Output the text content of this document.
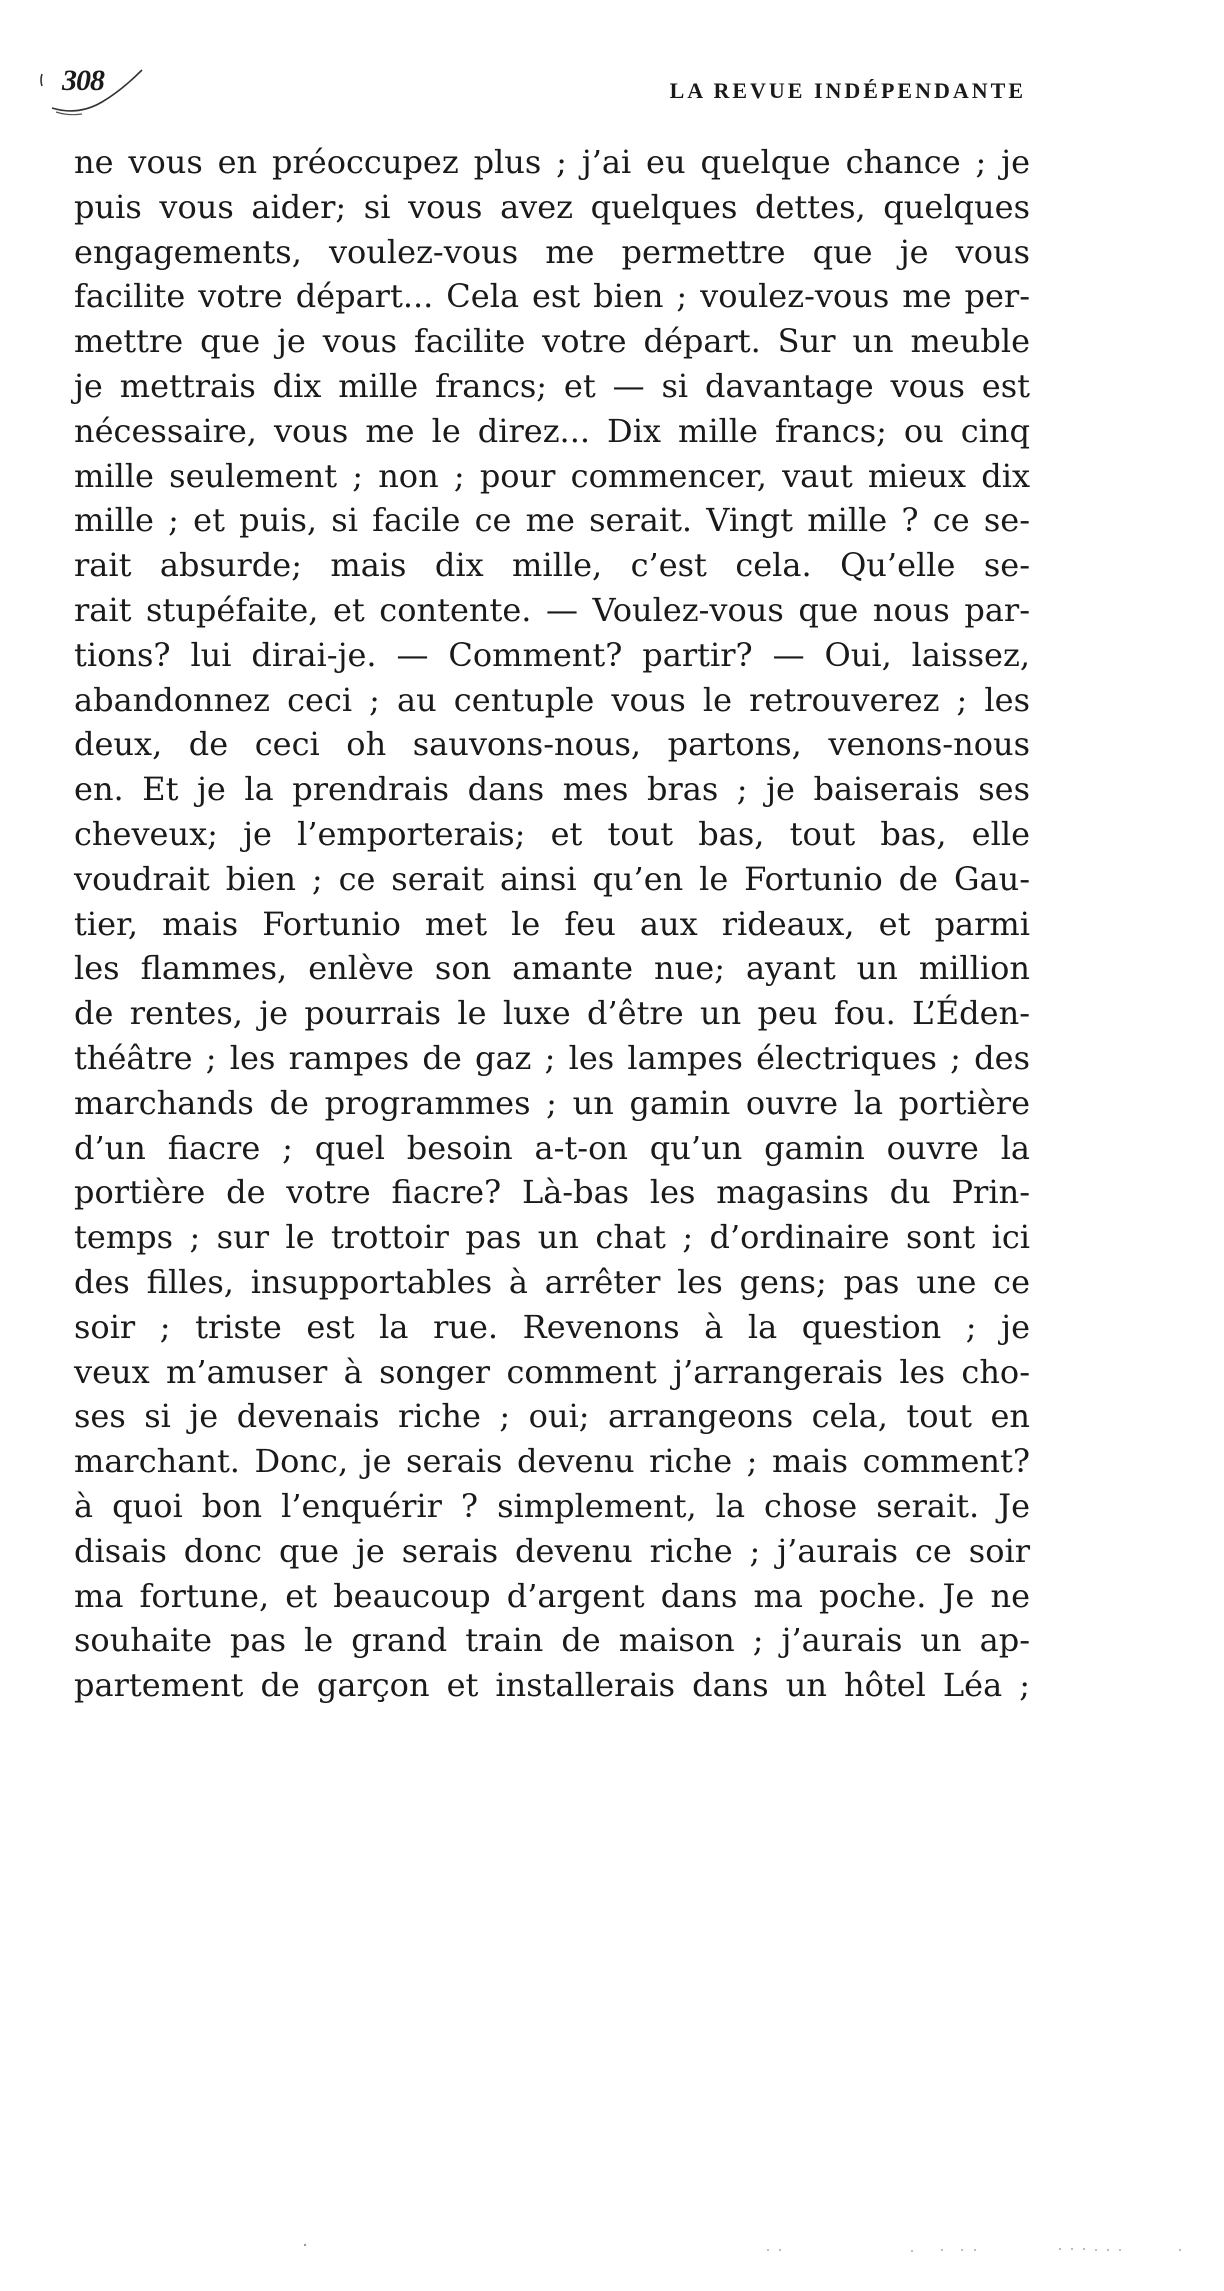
308	LA REVUE INDÉPENDANTE
ne vous en préoccupez plus ; j’ai eu quelque chance ; je
puis vous aider; si vous avez quelques dettes, quelques
engagements, voulez-vous me permettre que je vous
facilite votre départ... Cela est bien ; voulez-vous me per-
mettre que je vous facilite votre départ. Sur un meuble
je mettrais dix mille francs; et — si davantage vous est
nécessaire, vous me le direz... Dix mille francs; ou cinq
mille seulement ; non ; pour commencer, vaut mieux dix
mille ; et puis, si facile ce me serait. Vingt mille ? ce se-
rait absurde; mais dix mille, c’est cela. Qu’elle se-
rait stupéfaite, et contente. — Voulez-vous que nous par-
tions? lui dirai-je. — Comment? partir? — Oui, laissez,
abandonnez ceci ; au centuple vous le retrouverez ; les
deux, de ceci oh sauvons-nous, partons, venons-nous
en. Et je la prendrais dans mes bras ; je baiserais ses
cheveux; je l’emporterais; et tout bas, tout bas, elle
voudrait bien ; ce serait ainsi qu’en le Fortunio de Gau-
tier, mais Fortunio met le feu aux rideaux, et parmi
les flammes, enlève son amante nue; ayant un million
de rentes, je pourrais le luxe d’être un peu fou. L’Éden-
théâtre ; les rampes de gaz ; les lampes électriques ; des
marchands de programmes ; un gamin ouvre la portière
d’un fiacre ; quel besoin a-t-on qu’un gamin ouvre la
portière de votre fiacre? Là-bas les magasins du Prin-
temps ; sur le trottoir pas un chat ; d’ordinaire sont ici
des filles, insupportables à arrêter les gens; pas une ce
soir ; triste est la rue. Revenons à la question ; je
veux m’amuser à songer comment j’arrangerais les cho-
ses si je devenais riche ; oui; arrangeons cela, tout en
marchant. Donc, je serais devenu riche ; mais comment?
à quoi bon l’enquérir ? simplement, la chose serait. Je
disais donc que je serais devenu riche ; j’aurais ce soir
ma fortune, et beaucoup d’argent dans ma poche. Je ne
souhaite pas le grand train de maison ; j’aurais un ap-
partement de garçon et installerais dans un hôtel Léa ;
